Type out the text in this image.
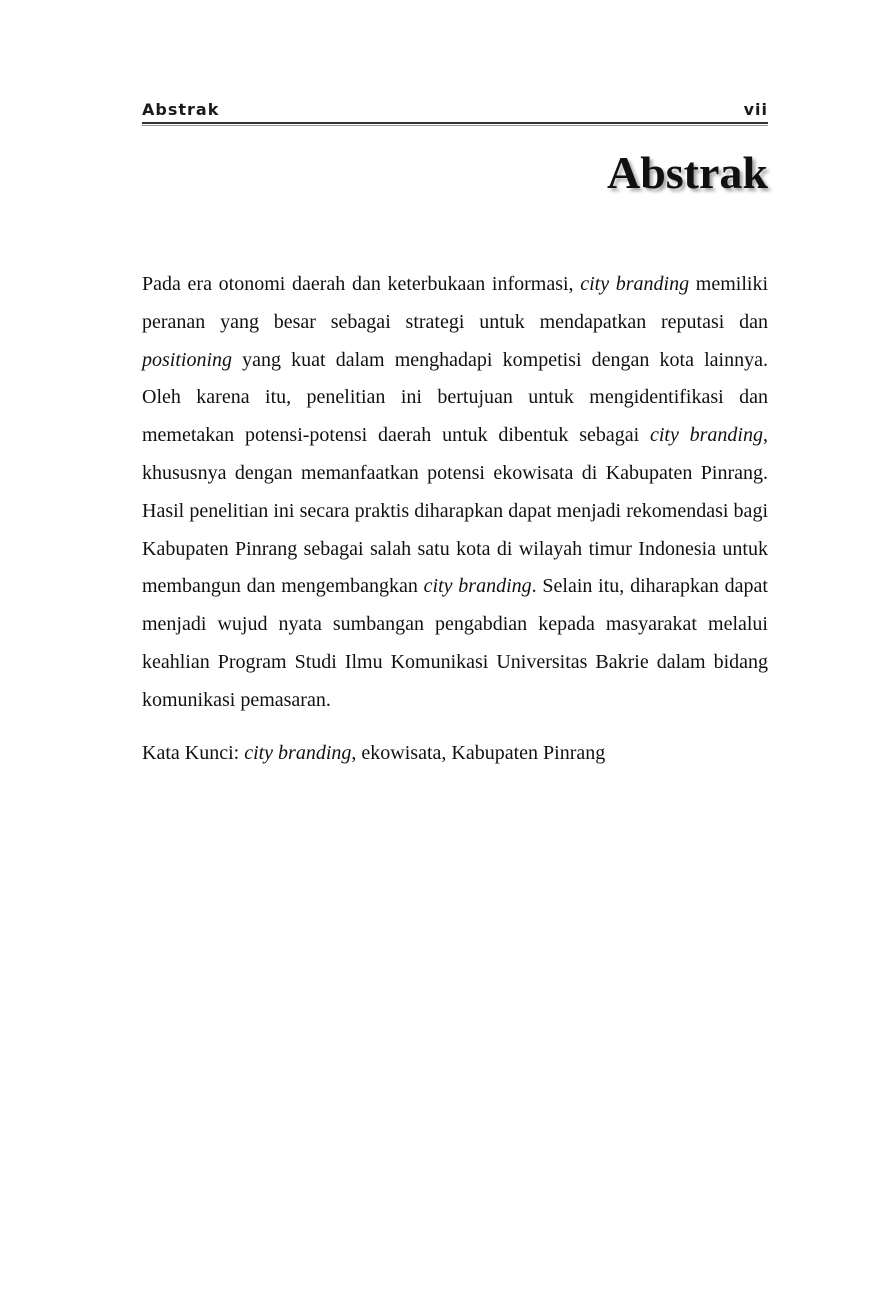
Abstrak	vii
Abstrak

Pada era otonomi daerah dan keterbukaan informasi, city branding memiliki peranan yang besar sebagai strategi untuk mendapatkan reputasi dan positioning yang kuat dalam menghadapi kompetisi dengan kota lainnya. Oleh karena itu, penelitian ini bertujuan untuk mengidentifikasi dan memetakan potensi-potensi daerah untuk dibentuk sebagai city branding, khususnya dengan memanfaatkan potensi ekowisata di Kabupaten Pinrang. Hasil penelitian ini secara praktis diharapkan dapat menjadi rekomendasi bagi Kabupaten Pinrang sebagai salah satu kota di wilayah timur Indonesia untuk membangun dan mengembangkan city branding. Selain itu, diharapkan dapat menjadi wujud nyata sumbangan pengabdian kepada masyarakat melalui keahlian Program Studi Ilmu Komunikasi Universitas Bakrie dalam bidang komunikasi pemasaran.

Kata Kunci: city branding, ekowisata, Kabupaten Pinrang
